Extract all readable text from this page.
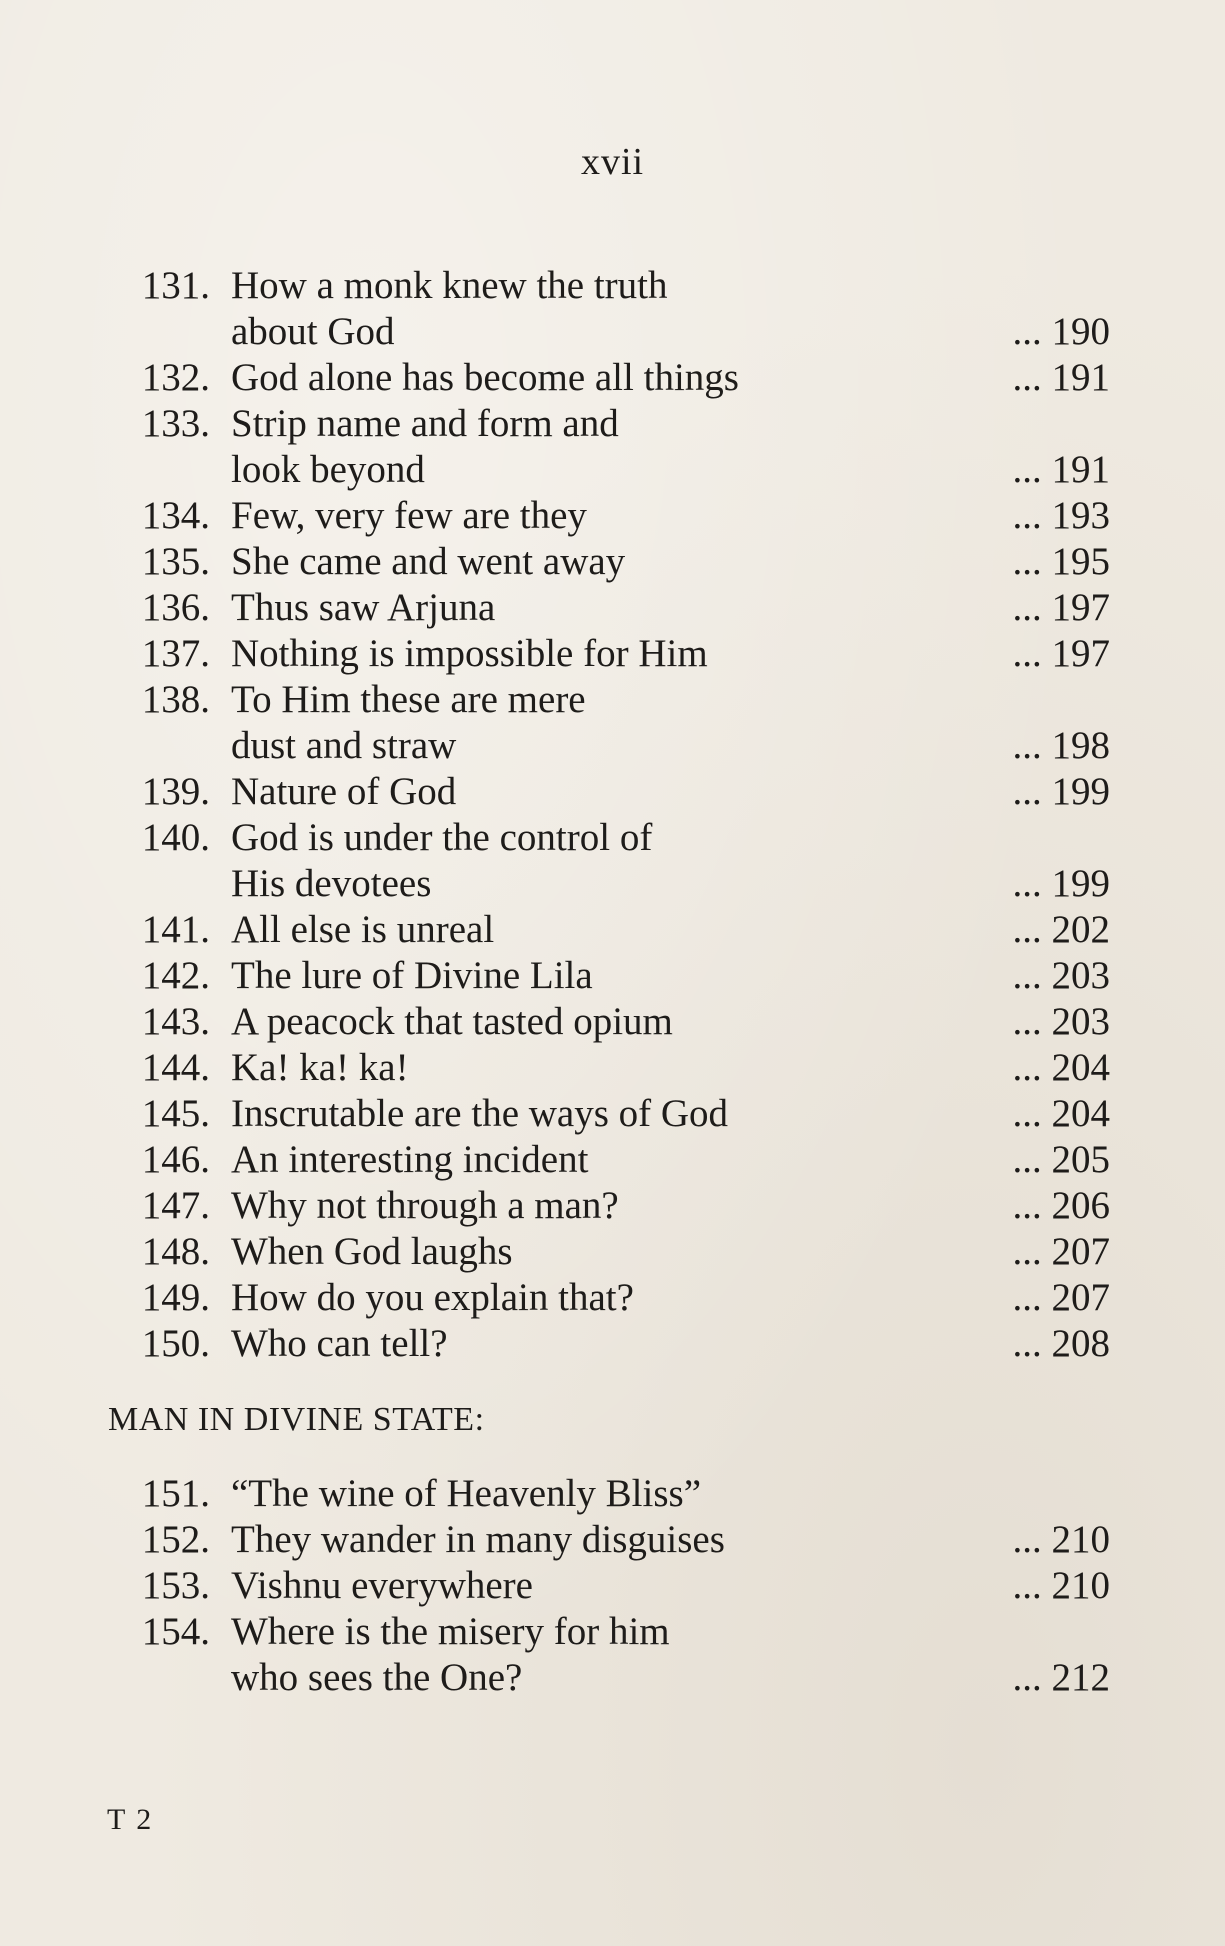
xvii
131. How a monk knew the truth
about God	... 190
132. God alone has become all things	... 191
133. Strip name and form and
look beyond	... 191
134. Few, very few are they	... 193
135. She came and went away	... 195
136. Thus saw Arjuna	... 197
137. Nothing is impossible for Him	... 197
138. To Him these are mere
dust and straw	... 198
139. Nature of God	... 199
140. God is under the control of
His devotees	... 199
141. All else is unreal	... 202
142. The lure of Divine Lila	... 203
143. A peacock that tasted opium	... 203
144. Ka! ka! ka!	... 204
145. Inscrutable are the ways of God	... 204
146. An interesting incident	... 205
147. Why not through a man?	... 206
148. When God laughs	... 207
149. How do you explain that?	... 207
150. Who can tell?	... 208
MAN IN DIVINE STATE:
151. “The wine of Heavenly Bliss”
152. They wander in many disguises	... 210
153. Vishnu everywhere	... 210
154. Where is the misery for him
who sees the One?	... 212
T 2
